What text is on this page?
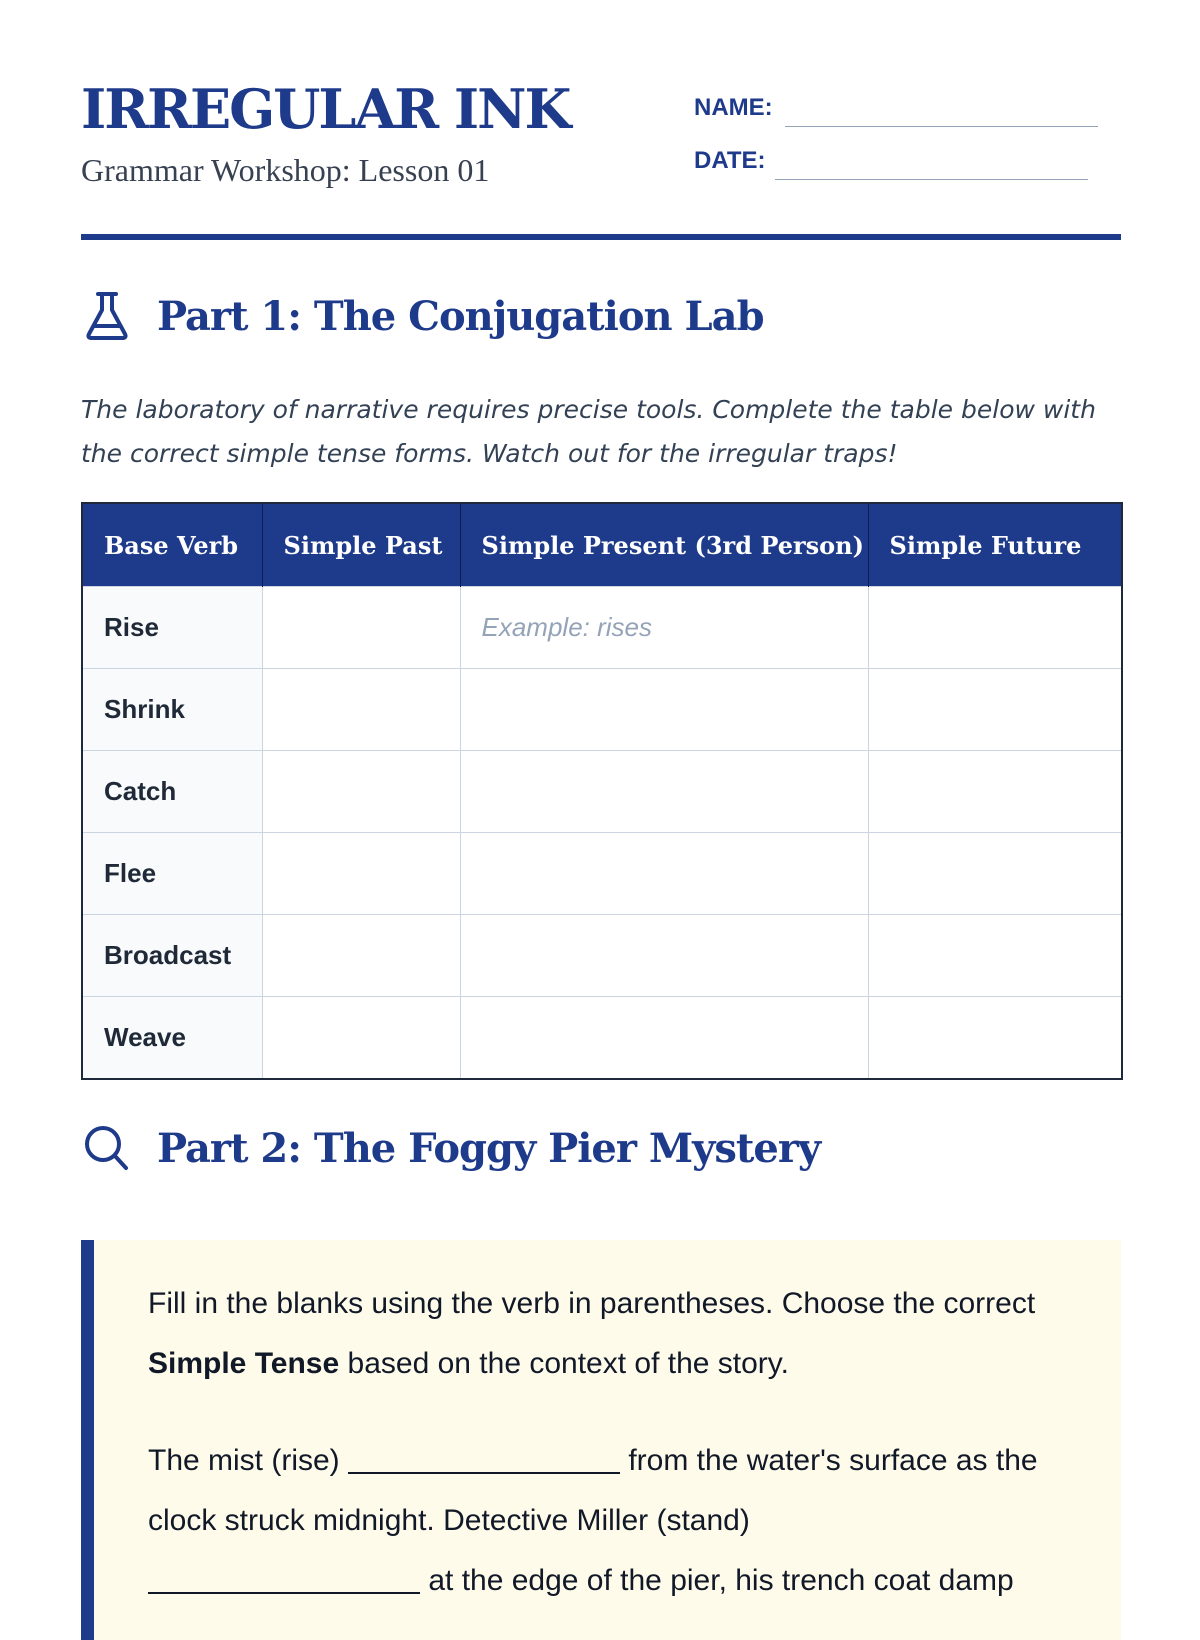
IRREGULAR INK
Grammar Workshop: Lesson 01
NAME:
DATE:
Part 1: The Conjugation Lab

The laboratory of narrative requires precise tools. Complete the table below with the correct simple tense forms. Watch out for the irregular traps!

Base Verb	Simple Past	Simple Present (3rd Person)	Simple Future
Rise		Example: rises	
Shrink			
Catch			
Flee			
Broadcast			
Weave			
Part 2: The Foggy Pier Mystery

Fill in the blanks using the verb in parentheses. Choose the correct Simple Tense based on the context of the story.

The mist (rise)	from the water's surface as the clock struck midnight. Detective Miller (stand)
at the edge of the pier, his trench coat damp
